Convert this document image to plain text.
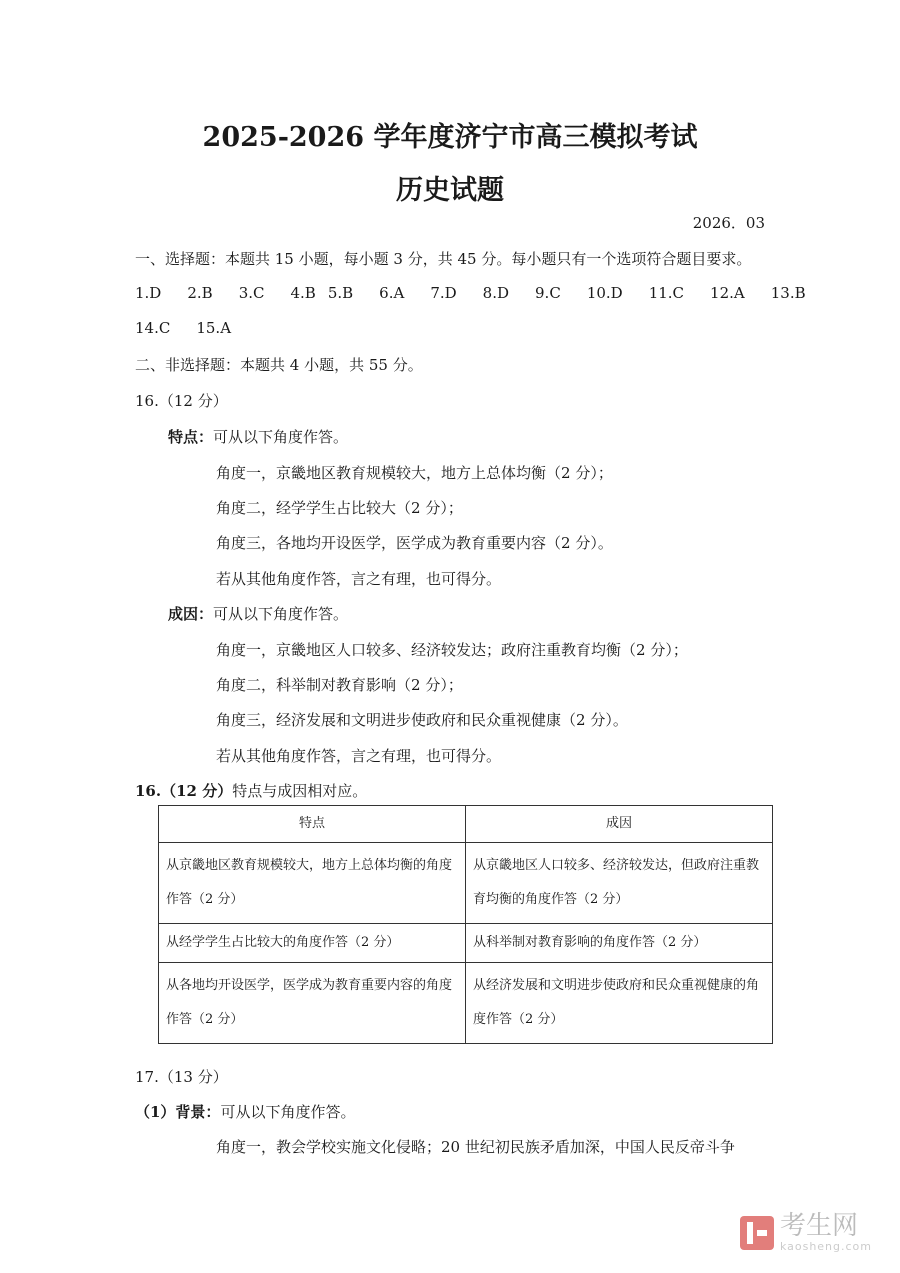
2025-2026 学年度济宁市高三模拟考试
历史试题
2026．03
一、选择题：本题共 15 小题，每小题 3 分，共 45 分。每小题只有一个选项符合题目要求。
1.D 2.B 3.C 4.B 5.B 6.A 7.D 8.D 9.C 10.D 11.C 12.A 13.B
14.C 15.A
二、非选择题：本题共 4 小题，共 55 分。
16.（12 分）
特点：可从以下角度作答。
角度一，京畿地区教育规模较大，地方上总体均衡（2 分）；
角度二，经学学生占比较大（2 分）；
角度三，各地均开设医学，医学成为教育重要内容（2 分）。
若从其他角度作答，言之有理，也可得分。
成因：可从以下角度作答。
角度一，京畿地区人口较多、经济较发达；政府注重教育均衡（2 分）；
角度二，科举制对教育影响（2 分）；
角度三，经济发展和文明进步使政府和民众重视健康（2 分）。
若从其他角度作答，言之有理，也可得分。
16.（12 分）特点与成因相对应。
特点	成因
从京畿地区教育规模较大，地方上总体均衡的角度作答（2 分）	从京畿地区人口较多、经济较发达，但政府注重教育均衡的角度作答（2 分）
从经学学生占比较大的角度作答（2 分）	从科举制对教育影响的角度作答（2 分）
从各地均开设医学，医学成为教育重要内容的角度作答（2 分）	从经济发展和文明进步使政府和民众重视健康的角度作答（2 分）
17.（13 分）
（1）背景：可从以下角度作答。
角度一，教会学校实施文化侵略；20 世纪初民族矛盾加深，中国人民反帝斗争
考生网
kaosheng.com
